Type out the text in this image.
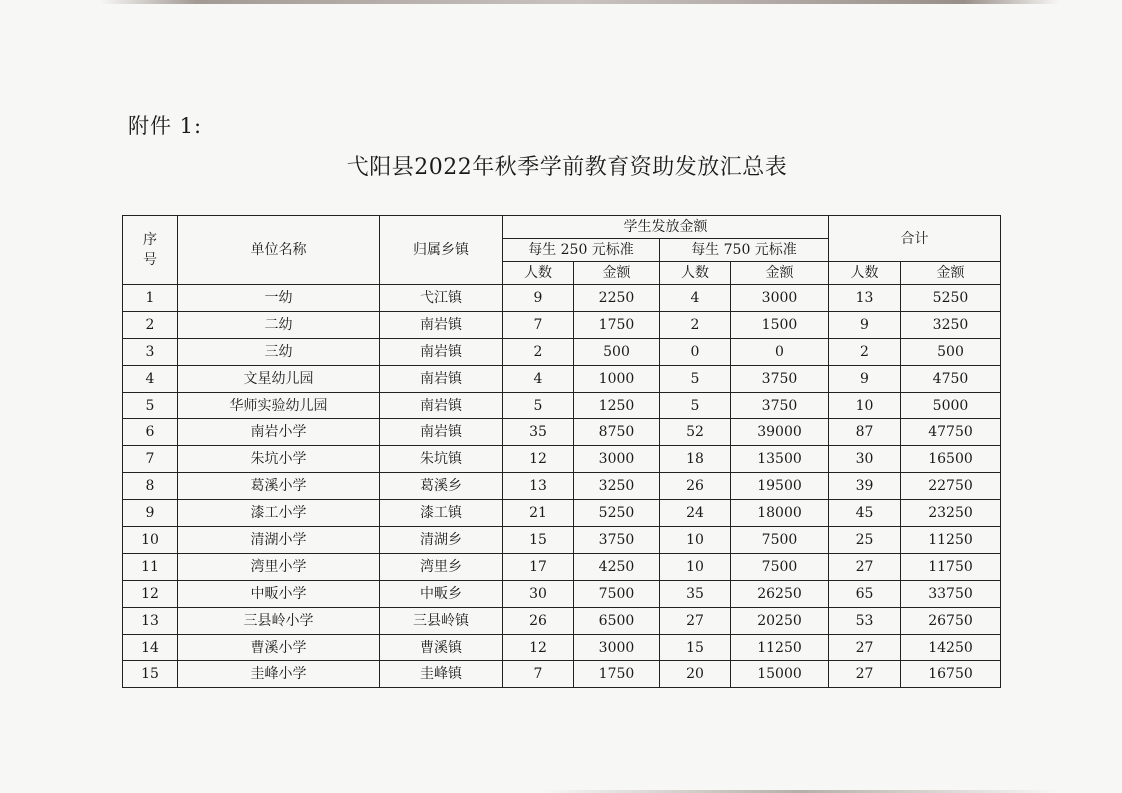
附件 1:
弋阳县2022年秋季学前教育资助发放汇总表
序
号	单位名称	归属乡镇	学生发放金额				合计	
			每生 250 元标准		每生 750 元标准			
			人数	金额	人数	金额	人数	金额
1	一幼	弋江镇	9	2250	4	3000	13	5250
2	二幼	南岩镇	7	1750	2	1500	9	3250
3	三幼	南岩镇	2	500	0	0	2	500
4	文星幼儿园	南岩镇	4	1000	5	3750	9	4750
5	华师实验幼儿园	南岩镇	5	1250	5	3750	10	5000
6	南岩小学	南岩镇	35	8750	52	39000	87	47750
7	朱坑小学	朱坑镇	12	3000	18	13500	30	16500
8	葛溪小学	葛溪乡	13	3250	26	19500	39	22750
9	漆工小学	漆工镇	21	5250	24	18000	45	23250
10	清湖小学	清湖乡	15	3750	10	7500	25	11250
11	湾里小学	湾里乡	17	4250	10	7500	27	11750
12	中畈小学	中畈乡	30	7500	35	26250	65	33750
13	三县岭小学	三县岭镇	26	6500	27	20250	53	26750
14	曹溪小学	曹溪镇	12	3000	15	11250	27	14250
15	圭峰小学	圭峰镇	7	1750	20	15000	27	16750
